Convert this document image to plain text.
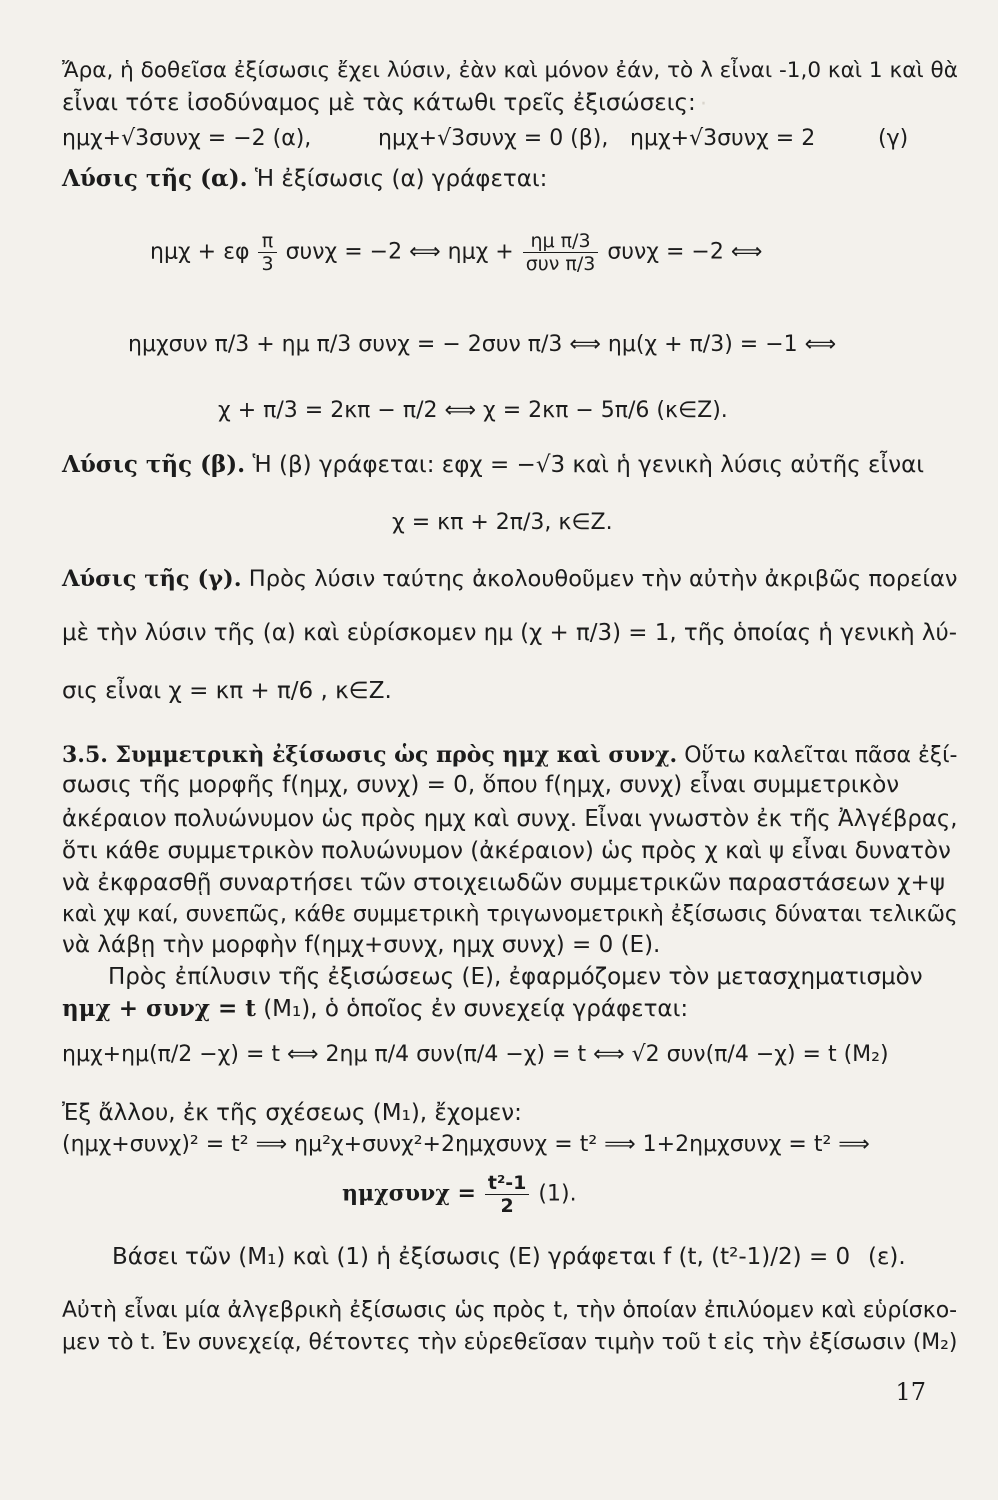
·
Ἄρα, ἡ δοθεῖσα ἐξίσωσις ἔχει λύσιν, ἐὰν καὶ μόνον ἐάν, τὸ λ εἶναι -1,0 καὶ 1 καὶ θὰ
εἶναι τότε ἰσοδύναμος μὲ τὰς κάτωθι τρεῖς ἐξισώσεις:
ημχ+√3συνχ = −2 (α),	ημχ+√3συνχ = 0 (β), ημχ+√3συνχ = 2	(γ)
Λύσις τῆς (α). Ἡ ἐξίσωσις (α) γράφεται:
ημχ + εφ $\frac{\pi}{3}$ συνχ = −2 ⟺ $\eta\mu\chi + \frac{\text{ημ π/3}}{\text{συν π/3}}$ συνχ = −2 ⟺
ημχσυν π/3 + ημ π/3 συνχ = − 2συν π/3 ⟺ ημ(χ + π/3) = −1 ⟺
χ + π/3 = 2κπ − π/2 ⟺ χ = 2κπ − 5π/6 (κ∈Z).
Λύσις τῆς (β). Ἡ (β) γράφεται: εφχ = −√3 καὶ ἡ γενικὴ λύσις αὐτῆς εἶναι
χ = κπ + 2π/3, κ∈Z.
Λύσις τῆς (γ). Πρὸς λύσιν ταύτης ἀκολουθοῦμεν τὴν αὐτὴν ἀκριβῶς πορείαν
μὲ τὴν λύσιν τῆς (α) καὶ εὑρίσκομεν ημ (χ + π/3) = 1, τῆς ὁποίας ἡ γενικὴ λύ-
σις εἶναι χ = κπ + π/6 , κ∈Z.
3.5. Συμμετρικὴ ἐξίσωσις ὡς πρὸς ημχ καὶ συνχ. Οὕτω καλεῖται πᾶσα ἐξί-
σωσις τῆς μορφῆς f(ημχ, συνχ) = 0, ὅπου f(ημχ, συνχ) εἶναι συμμετρικὸν
ἀκέραιον πολυώνυμον ὡς πρὸς ημχ καὶ συνχ. Εἶναι γνωστὸν ἐκ τῆς Ἀλγέβρας,
ὅτι κάθε συμμετρικὸν πολυώνυμον (ἀκέραιον) ὡς πρὸς χ καὶ ψ εἶναι δυνατὸν
νὰ ἐκφρασθῇ συναρτήσει τῶν στοιχειωδῶν συμμετρικῶν παραστάσεων χ+ψ
καὶ χψ καί, συνεπῶς, κάθε συμμετρικὴ τριγωνομετρικὴ ἐξίσωσις δύναται τελικῶς
νὰ λάβῃ τὴν μορφὴν f(ημχ+συνχ, ημχ συνχ) = 0 (E).
Πρὸς ἐπίλυσιν τῆς ἐξισώσεως (E), ἐφαρμόζομεν τὸν μετασχηματισμὸν
ημχ + συνχ = t (M₁), ὁ ὁποῖος ἐν συνεχείᾳ γράφεται:
ημχ+ημ(π/2 −χ) = t ⟺ 2ημ π/4 συν(π/4 −χ) = t ⟺ √2 συν(π/4 −χ) = t (M₂)
Ἐξ ἄλλου, ἐκ τῆς σχέσεως (M₁), ἔχομεν:
(ημχ+συνχ)² = t² ⟹ ημ²χ+συνχ²+2ημχσυνχ = t² ⟹ 1+2ημχσυνχ = t² ⟹
$\eta\mu\chi\sigma\upsilon\nu\chi = \frac{\text{t²-1}}{2} (1)$.
Βάσει τῶν (M₁) καὶ (1) ἡ ἐξίσωσις (E) γράφεται f (t, (t²-1)/2) = 0 (ε).
Αὐτὴ εἶναι μία ἀλγεβρικὴ ἐξίσωσις ὡς πρὸς t, τὴν ὁποίαν ἐπιλύομεν καὶ εὑρίσκο-
μεν τὸ t. Ἐν συνεχείᾳ, θέτοντες τὴν εὑρεθεῖσαν τιμὴν τοῦ t εἰς τὴν ἐξίσωσιν (M₂)
17
